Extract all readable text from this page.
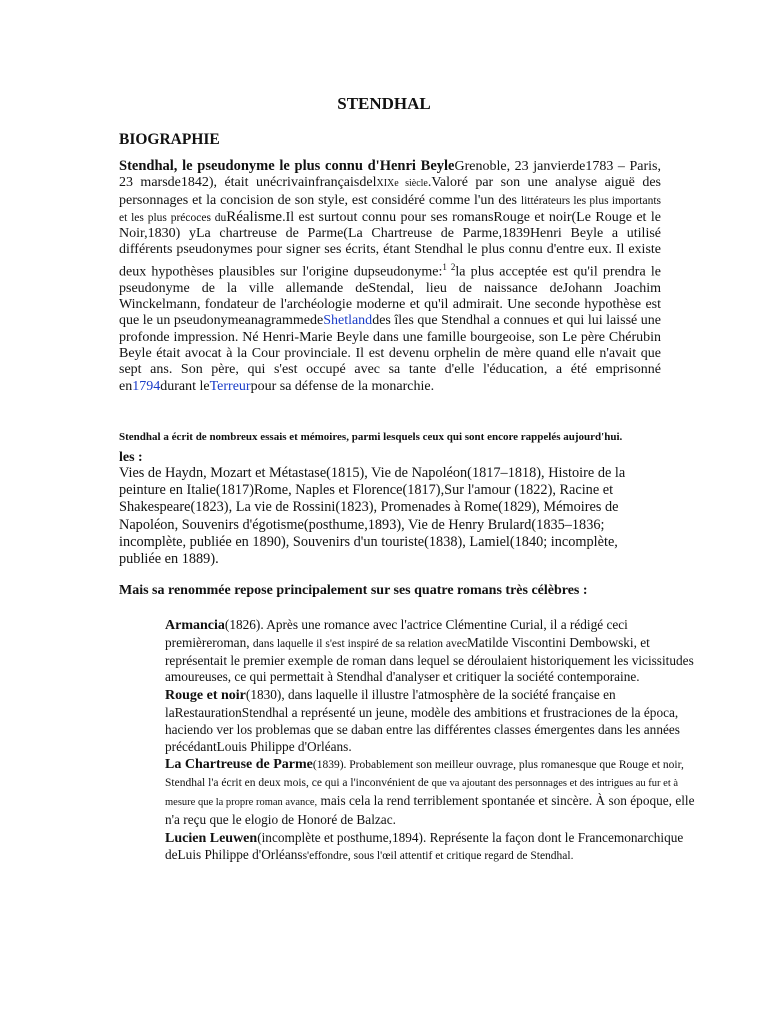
STENDHAL
BIOGRAPHIE

Stendhal, le pseudonyme le plus connu d'Henri BeyleGrenoble, 23 janvierde1783 – Paris, 23 marsde1842), était unécrivainfrançaisdelXIXe siècle.Valoré par son une analyse aiguë des personnages et la concision de son style, est considéré comme l'un des littérateurs les plus importants et les plus précoces duRéalisme.Il est surtout connu pour ses romansRouge et noir(Le Rouge et le Noir,1830) yLa chartreuse de Parme(La Chartreuse de Parme,1839Henri Beyle a utilisé différents pseudonymes pour signer ses écrits, étant Stendhal le plus connu d'entre eux. Il existe deux hypothèses plausibles sur l'origine dupseudonyme:$^{1 2}$la plus acceptée est qu'il prendra le pseudonyme de la ville allemande deStendal, lieu de naissance deJohann Joachim Winckelmann, fondateur de l'archéologie moderne et qu'il admirait. Une seconde hypothèse est que le un pseudonymeanagrammedeShetlanddes îles que Stendhal a connues et qui lui laissé une profonde impression. Né Henri-Marie Beyle dans une famille bourgeoise, son Le père Chérubin Beyle était avocat à la Cour provinciale. Il est devenu orphelin de mère quand elle n'avait que sept ans. Son père, qui s'est occupé avec sa tante d'elle l'éducation, a été emprisonné en1794durant leTerreurpour sa défense de la monarchie.

Stendhal a écrit de nombreux essais et mémoires, parmi lesquels ceux qui sont encore rappelés aujourd'hui.

les :

Vies de Haydn, Mozart et Métastase(1815), Vie de Napoléon(1817–1818), Histoire de la peinture en Italie(1817)Rome, Naples et Florence(1817),Sur l'amour (1822), Racine et Shakespeare(1823), La vie de Rossini(1823), Promenades à Rome(1829), Mémoires de Napoléon, Souvenirs d'égotisme(posthume,1893), Vie de Henry Brulard(1835–1836; incomplète, publiée en 1890), Souvenirs d'un touriste(1838), Lamiel(1840; incomplète, publiée en 1889).

Mais sa renommée repose principalement sur ses quatre romans très célèbres :

Armancia(1826). Après une romance avec l'actrice Clémentine Curial, il a rédigé ceci premièreroman, dans laquelle il s'est inspiré de sa relation avecMatilde Viscontini Dembowski, et représentait le premier exemple de roman dans lequel se déroulaient historiquement les vicissitudes amoureuses, ce qui permettait à Stendhal d'analyser et critiquer la société contemporaine.
Rouge et noir(1830), dans laquelle il illustre l'atmosphère de la société française en laRestaurationStendhal a représenté un jeune, modèle des ambitions et frustraciones de la época, haciendo ver los problemas que se daban entre las différentes classes émergentes dans les années précédantLouis Philippe d'Orléans.
La Chartreuse de Parme(1839). Probablement son meilleur ouvrage, plus romanesque que Rouge et noir, Stendhal l'a écrit en deux mois, ce qui a l'inconvénient de que va ajoutant des personnages et des intrigues au fur et à mesure que la propre roman avance, mais cela la rend terriblement spontanée et sincère. À son époque, elle n'a reçu que le elogio de Honoré de Balzac.
Lucien Leuwen(incomplète et posthume,1894). Représente la façon dont le Francemonarchique deLuis Philippe d'Orléanss'effondre, sous l'œil attentif et critique regard de Stendhal.
